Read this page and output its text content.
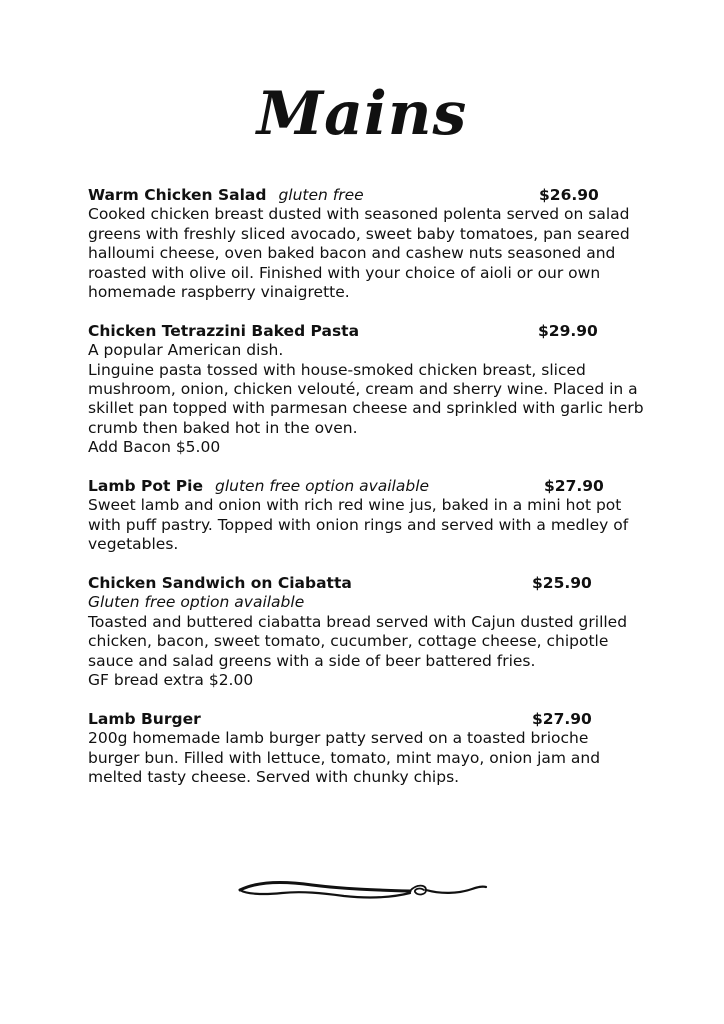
Mains
Warm Chicken Salad gluten free	$26.90
Cooked chicken breast dusted with seasoned polenta served on salad
greens with freshly sliced avocado, sweet baby tomatoes, pan seared
halloumi cheese, oven baked bacon and cashew nuts seasoned and
roasted with olive oil. Finished with your choice of aioli or our own
homemade raspberry vinaigrette.
Chicken Tetrazzini Baked Pasta	$29.90
A popular American dish.
Linguine pasta tossed with house-smoked chicken breast, sliced
mushroom, onion, chicken velouté, cream and sherry wine. Placed in a
skillet pan topped with parmesan cheese and sprinkled with garlic herb
crumb then baked hot in the oven.
Add Bacon $5.00
Lamb Pot Pie gluten free option available	$27.90
Sweet lamb and onion with rich red wine jus, baked in a mini hot pot
with puff pastry. Topped with onion rings and served with a medley of
vegetables.
Chicken Sandwich on Ciabatta	$25.90
Gluten free option available
Toasted and buttered ciabatta bread served with Cajun dusted grilled
chicken, bacon, sweet tomato, cucumber, cottage cheese, chipotle
sauce and salad greens with a side of beer battered fries.
GF bread extra $2.00
Lamb Burger	$27.90
200g homemade lamb burger patty served on a toasted brioche
burger bun. Filled with lettuce, tomato, mint mayo, onion jam and
melted tasty cheese. Served with chunky chips.
